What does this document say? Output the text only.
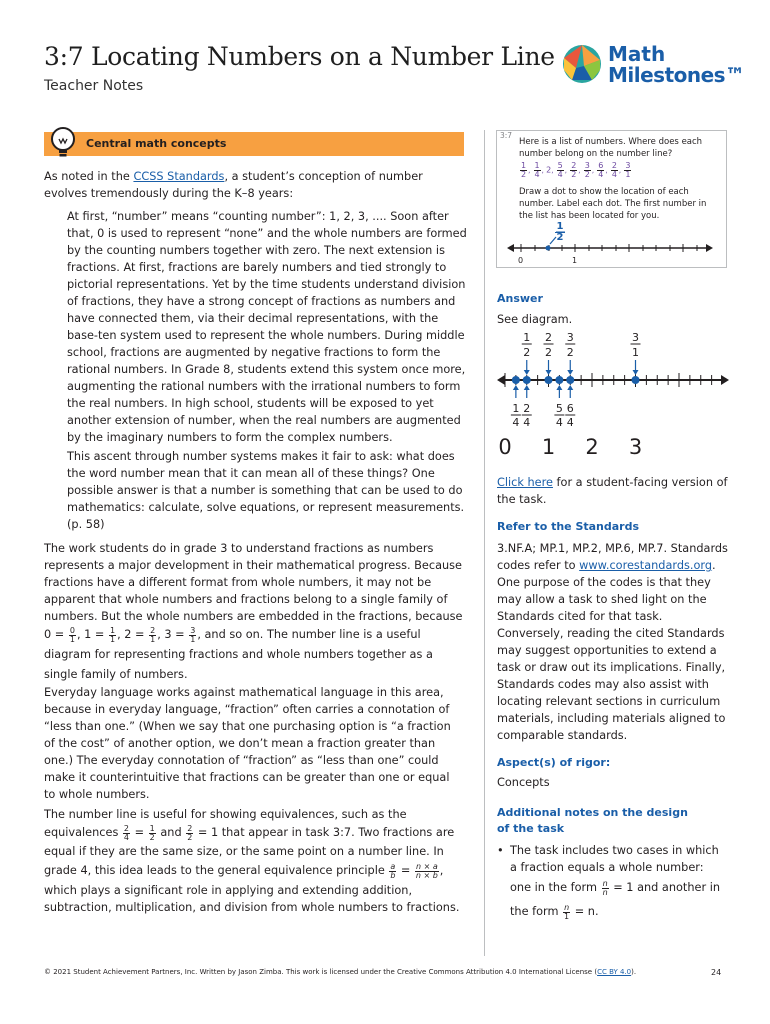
3:7 Locating Numbers on a Number Line
Teacher Notes
Math
Milestones™
Central math concepts
As noted in the CCSS Standards, a student’s conception of number evolves tremendously during the K–8 years:
At first, “number” means “counting number”: 1, 2, 3, .... Soon after that, 0 is used to represent “none” and the whole numbers are formed by the counting numbers together with zero. The next extension is fractions. At first, fractions are barely numbers and tied strongly to pictorial representations. Yet by the time students understand division of fractions, they have a strong concept of fractions as numbers and have connected them, via their decimal representations, with the base-ten system used to represent the whole numbers. During middle school, fractions are augmented by negative fractions to form the rational numbers. In Grade 8, students extend this system once more, augmenting the rational numbers with the irrational numbers to form the real numbers. In high school, students will be exposed to yet another extension of number, when the real numbers are augmented by the imaginary numbers to form the complex numbers.
This ascent through number systems makes it fair to ask: what does the word number mean that it can mean all of these things? One possible answer is that a number is something that can be used to do mathematics: calculate, solve equations, or represent measurements. (p. 58)
The work students do in grade 3 to understand fractions as numbers represents a major development in their mathematical progress. Because fractions have a different format from whole numbers, it may not be apparent that whole numbers and fractions belong to a single family of numbers. But the whole numbers are embedded in the fractions, because
$0 = \frac{0}{1}$ , $1 = \frac{1}{1}$ , $2 = \frac{2}{1}$ , $3 = \frac{3}{1}$ , and so on. The number line is a useful diagram for representing fractions and whole numbers together as a single family of numbers.
Everyday language works against mathematical language in this area, because in everyday language, “fraction” often carries a connotation of “less than one.” (When we say that one purchasing option is “a fraction of the cost” of another option, we don’t mean a fraction greater than one.) The everyday connotation of “fraction” as “less than one” could make it counterintuitive that fractions can be greater than one or equal to whole numbers.
The number line is useful for showing equivalences, such as the
equivalences $\frac{2}{4} = \frac{1}{2}$ and $\frac{2}{2} = 1$ that appear in task 3:7. Two fractions are
equal if they are the same size, or the same point on a number line. In
grade 4, this idea leads to the general equivalence principle $\frac{a}{b} = \frac{n \times a}{n \times b}$ ,
which plays a significant role in applying and extending addition,
subtraction, multiplication, and division from whole numbers to fractions.
3:7
Here is a list of numbers. Where does each number belong on the number line?
$\frac{1}{2}$ , $\frac{1}{4}$ , 2, $\frac{5}{4}$ , $\frac{2}{2}$ , $\frac{3}{2}$ , $\frac{6}{4}$ , $\frac{2}{4}$ , $\frac{3}{1}$
Draw a dot to show the location of each number. Label each dot. The first number in the list has been located for you.
$\frac{1}{2}$
0	1
Answer
See diagram.
1
2
2
2
3
2
3
1
1
4
2
4
5
4
6
4
0 1 2 3
Click here for a student-facing version of the task.
Refer to the Standards
3.NF.A; MP.1, MP.2, MP.6, MP.7. Standards codes refer to www.corestandards.org. One purpose of the codes is that they may allow a task to shed light on the Standards cited for that task. Conversely, reading the cited Standards may suggest opportunities to extend a task or draw out its implications. Finally, Standards codes may also assist with locating relevant sections in curriculum materials, including materials aligned to comparable standards.
Aspect(s) of rigor:
Concepts
Additional notes on the design
of the task
• The task includes two cases in which a fraction equals a whole number:
one in the form $\frac{n}{n} = 1$ and another in
the form $\frac{n}{1} = n$.
© 2021 Student Achievement Partners, Inc. Written by Jason Zimba. This work is licensed under the Creative Commons Attribution 4.0 International License (CC BY 4.0).	24
